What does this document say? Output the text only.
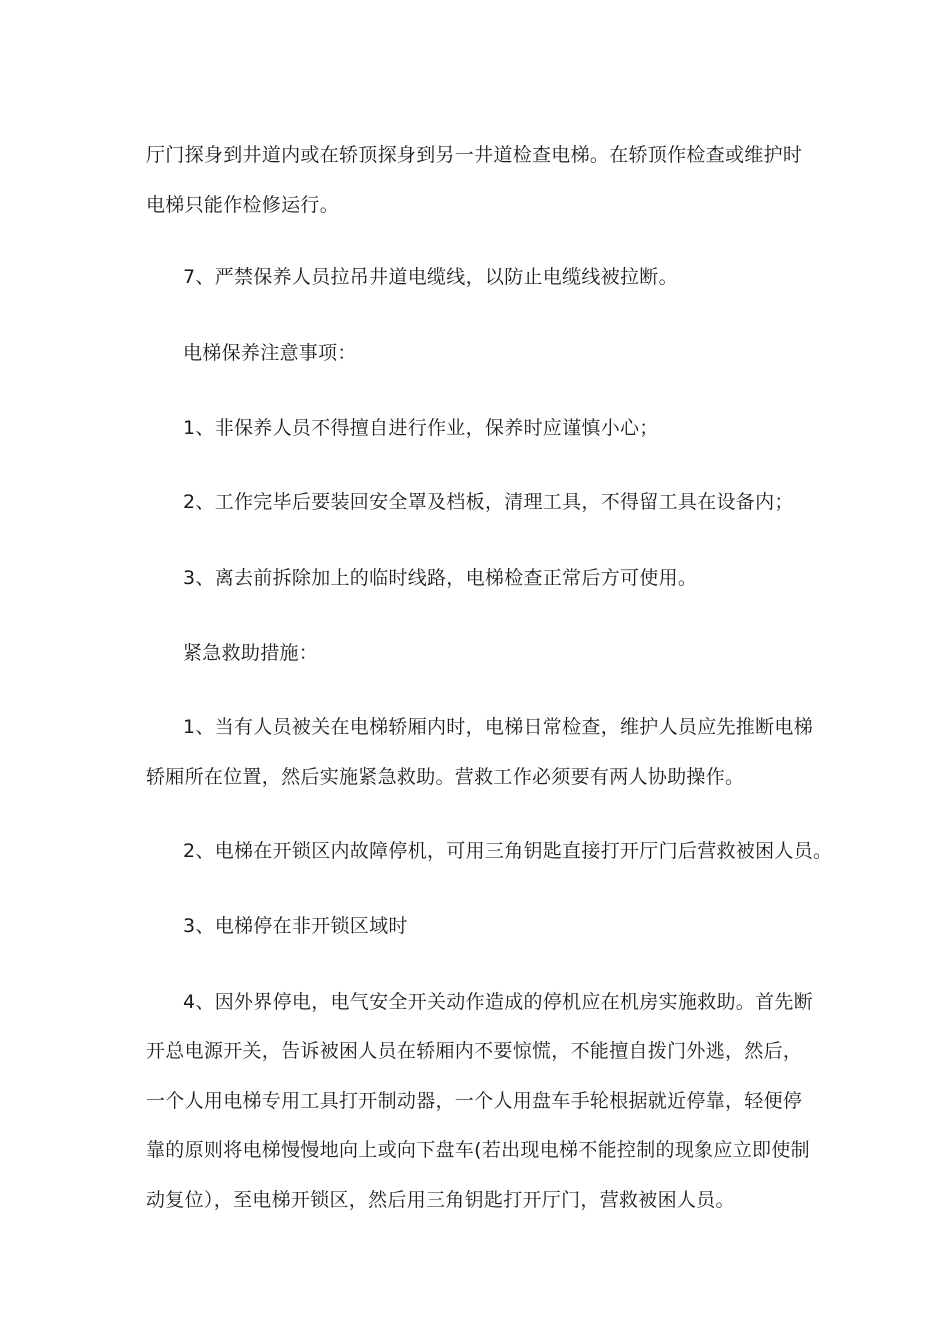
厅门探身到井道内或在轿顶探身到另一井道检查电梯。在轿顶作检查或维护时
电梯只能作检修运行。
7、严禁保养人员拉吊井道电缆线，以防止电缆线被拉断。
电梯保养注意事项：
1、非保养人员不得擅自进行作业，保养时应谨慎小心；
2、工作完毕后要装回安全罩及档板，清理工具，不得留工具在设备内；
3、离去前拆除加上的临时线路，电梯检查正常后方可使用。
紧急救助措施：
1、当有人员被关在电梯轿厢内时，电梯日常检查，维护人员应先推断电梯
轿厢所在位置，然后实施紧急救助。营救工作必须要有两人协助操作。
2、电梯在开锁区内故障停机，可用三角钥匙直接打开厅门后营救被困人员。
3、电梯停在非开锁区域时
4、因外界停电，电气安全开关动作造成的停机应在机房实施救助。首先断
开总电源开关，告诉被困人员在轿厢内不要惊慌，不能擅自拨门外逃，然后，
一个人用电梯专用工具打开制动器，一个人用盘车手轮根据就近停靠，轻便停
靠的原则将电梯慢慢地向上或向下盘车(若出现电梯不能控制的现象应立即使制
动复位），至电梯开锁区，然后用三角钥匙打开厅门，营救被困人员。
